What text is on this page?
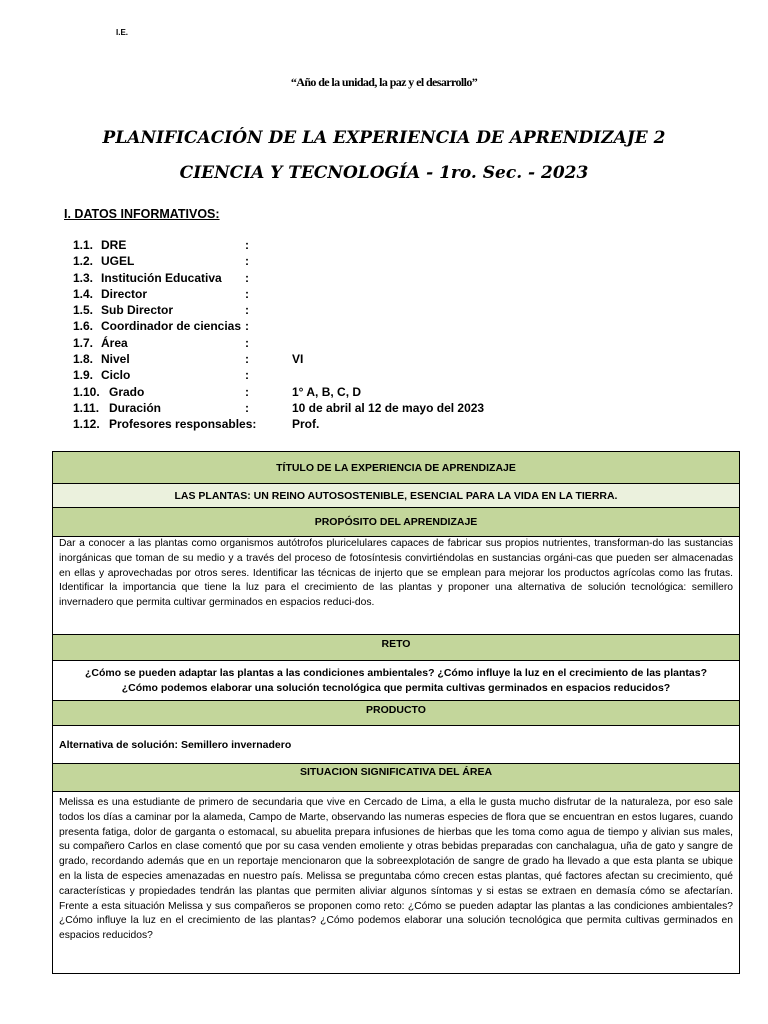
I.E.
“Año de la unidad, la paz y el desarrollo”
PLANIFICACIÓN DE LA EXPERIENCIA DE APRENDIZAJE 2
CIENCIA Y TECNOLOGÍA - 1ro. Sec. - 2023
I. DATOS INFORMATIVOS:
1.1. DRE	:
1.2. UGEL	:
1.3. Institución Educativa :
1.4. Director	:
1.5. Sub Director	:
1.6. Coordinador de ciencias :
1.7. Área	:
1.8. Nivel	:	VI
1.9. Ciclo	:
1.10. Grado	:	1° A, B, C, D
1.11. Duración	:	10 de abril al 12 de mayo del 2023
1.12. Profesores responsables:	Prof.
TÍTULO DE LA EXPERIENCIA DE APRENDIZAJE
LAS PLANTAS: UN REINO AUTOSOSTENIBLE, ESENCIAL PARA LA VIDA EN LA TIERRA.
PROPÓSITO DEL APRENDIZAJE
Dar a conocer a las plantas como organismos autótrofos pluricelulares capaces de fabricar sus propios nutrientes, transforman-do las sustancias inorgánicas que toman de su medio y a través del proceso de fotosíntesis convirtiéndolas en sustancias orgáni-cas que pueden ser almacenadas en ellas y aprovechadas por otros seres. Identificar las técnicas de injerto que se emplean para mejorar los productos agrícolas como las frutas. Identificar la importancia que tiene la luz para el crecimiento de las plantas y proponer una alternativa de solución tecnológica: semillero invernadero que permita cultivar germinados en espacios reduci-dos.
RETO

¿Cómo se pueden adaptar las plantas a las condiciones ambientales? ¿Cómo influye la luz en el crecimiento de las plantas?
¿Cómo podemos elaborar una solución tecnológica que permita cultivas germinados en espacios reducidos?

PRODUCTO
Alternativa de solución: Semillero invernadero
SITUACION SIGNIFICATIVA DEL ÁREA
Melissa es una estudiante de primero de secundaria que vive en Cercado de Lima, a ella le gusta mucho disfrutar de la naturaleza, por eso sale todos los días a caminar por la alameda, Campo de Marte, observando las numeras especies de flora que se encuentran en estos lugares, cuando presenta fatiga, dolor de garganta o estomacal, su abuelita prepara infusiones de hierbas que les toma como agua de tiempo y alivian sus males, su compañero Carlos en clase comentó que por su casa venden emoliente y otras bebidas preparadas con canchalagua, uña de gato y sangre de grado, recordando además que en un reportaje mencionaron que la sobreexplotación de sangre de grado ha llevado a que esta planta se ubique en la lista de especies amenazadas en nuestro país. Melissa se preguntaba cómo crecen estas plantas, qué factores afectan su crecimiento, qué características y propiedades tendrán las plantas que permiten aliviar algunos síntomas y si estas se extraen en demasía cómo se afectarían. Frente a esta situación Melissa y sus compañeros se proponen como reto: ¿Cómo se pueden adaptar las plantas a las condiciones ambientales? ¿Cómo influye la luz en el crecimiento de las plantas? ¿Cómo podemos elaborar una solución tecnológica que permita cultivas germinados en espacios reducidos?
